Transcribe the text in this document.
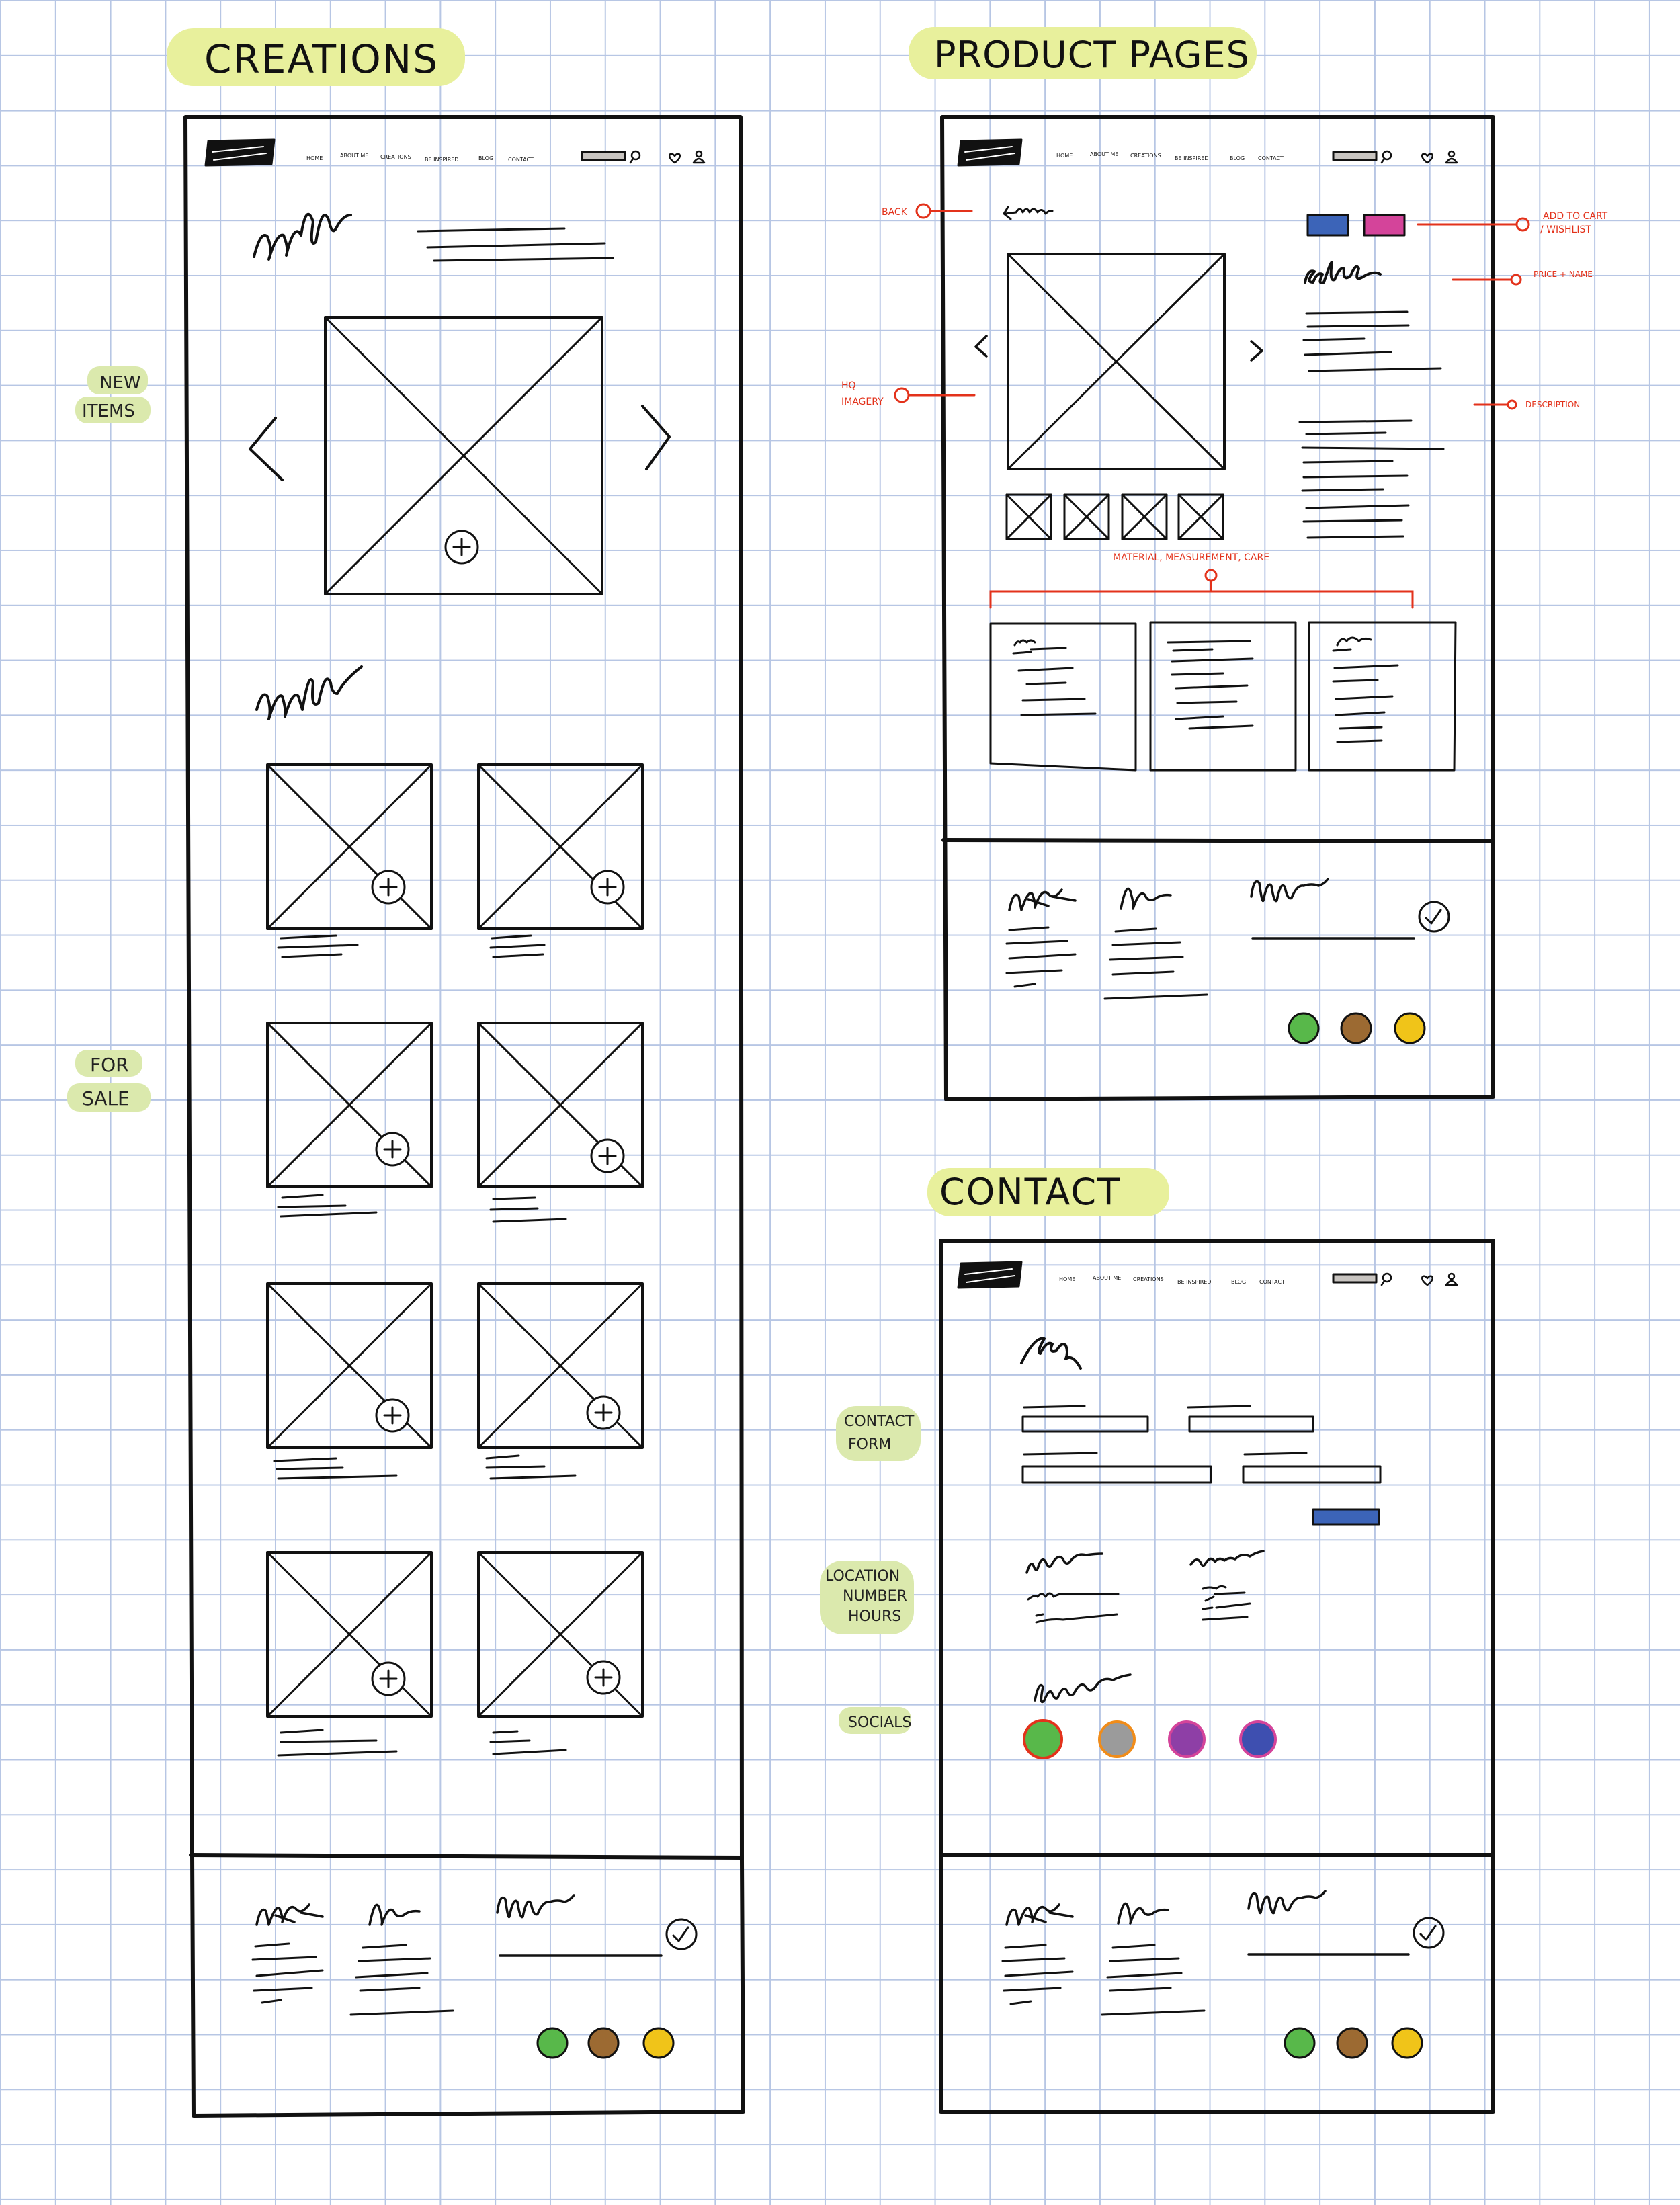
CREATIONS	PRODUCT PAGES
CONTACT
NEW
ITEMS
FOR
SALE
CONTACT
FORM
LOCATION
NUMBER
HOURS
SOCIALS
HOME	ABOUT ME CREATIONS	BE INSPIRED	BLOG	CONTACT
HOME	ABOUT ME CREATIONS	BE INSPIRED	BLOG CONTACT
BACK
HQ
IMAGERY
ADD TO CART
/ WISHLIST
PRICE + NAME
DESCRIPTION
MATERIAL, MEASUREMENT, CARE
HOME	ABOUT ME CREATIONS	BE INSPIRED	BLOG CONTACT
